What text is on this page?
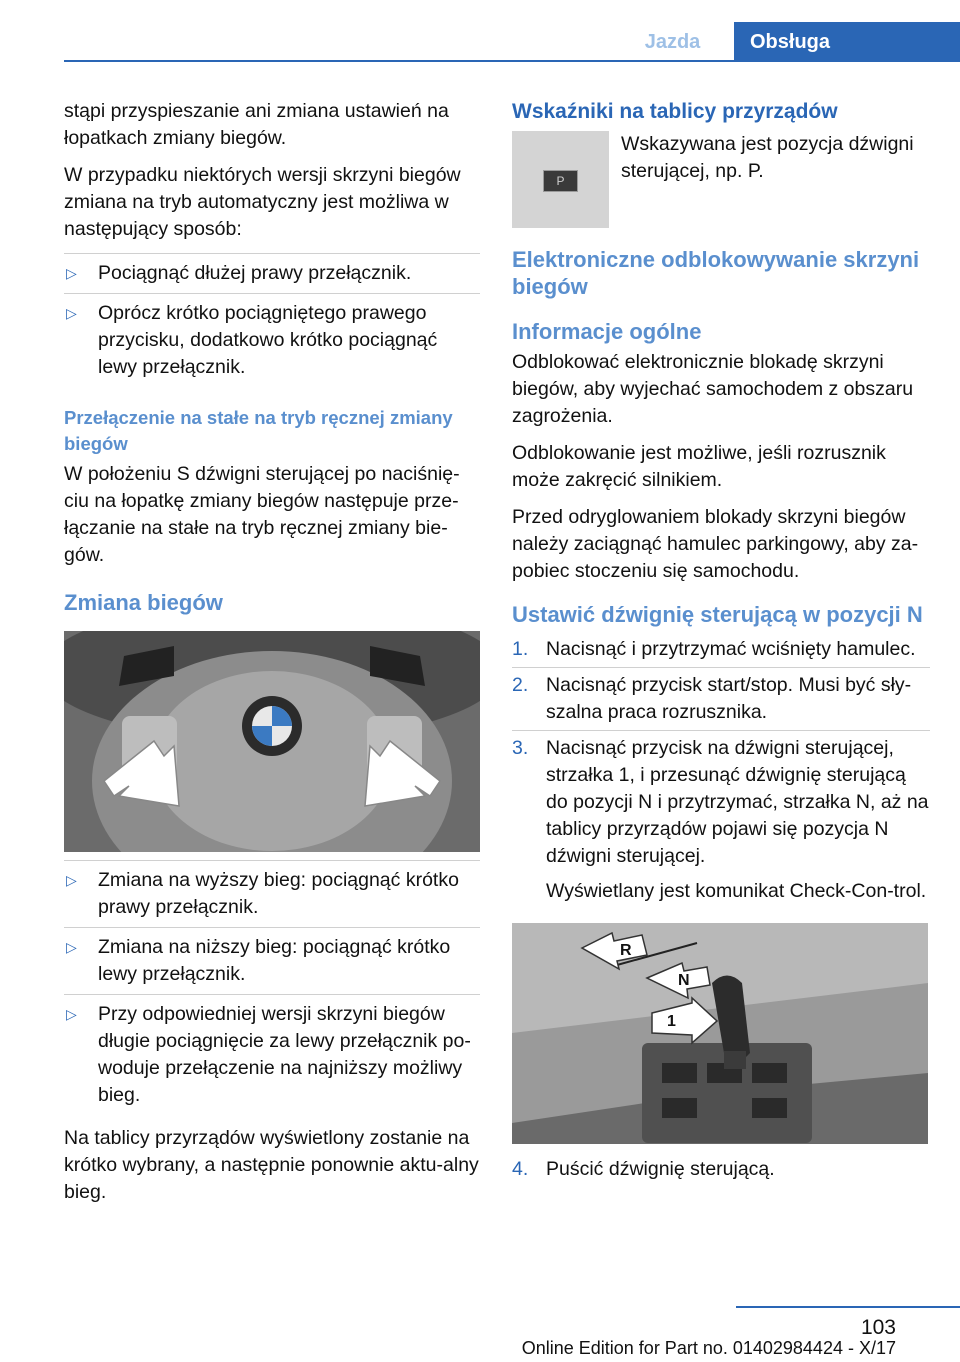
Jazda	Obsługa

stąpi przyspieszanie ani zmiana ustawień na łopatkach zmiany biegów.

W przypadku niektórych wersji skrzyni biegów zmiana na tryb automatyczny jest możliwa w następujący sposób:

▷ Pociągnąć dłużej prawy przełącznik.
▷ Oprócz krótko pociągniętego prawego przycisku, dodatkowo krótko pociągnąć lewy przełącznik.
Przełączenie na stałe na tryb ręcznej zmiany biegów

W położeniu S dźwigni sterującej po naciśnię‐ciu na łopatkę zmiany biegów następuje prze‐łączanie na stałe na tryb ręcznej zmiany bie‐gów.

Zmiana biegów
▷ Zmiana na wyższy bieg: pociągnąć krótko prawy przełącznik.
▷ Zmiana na niższy bieg: pociągnąć krótko lewy przełącznik.
▷ Przy odpowiedniej wersji skrzyni biegów długie pociągnięcie za lewy przełącznik po‐woduje przełączenie na najniższy możliwy bieg.

Na tablicy przyrządów wyświetlony zostanie na krótko wybrany, a następnie ponownie aktu‐alny bieg.

Wskaźniki na tablicy przyrządów
P
Wskazywana jest pozycja dźwigni sterującej, np. P.
Elektroniczne odblokowywanie skrzyni biegów
Informacje ogólne

Odblokować elektronicznie blokadę skrzyni biegów, aby wyjechać samochodem z obszaru zagrożenia.

Odblokowanie jest możliwe, jeśli rozrusznik może zakręcić silnikiem.

Przed odryglowaniem blokady skrzyni biegów należy zaciągnąć hamulec parkingowy, aby za‐pobiec stoczeniu się samochodu.

Ustawić dźwignię sterującą w pozycji N
1. Nacisnąć i przytrzymać wciśnięty hamulec.
2. Nacisnąć przycisk start/stop. Musi być sły‐szalna praca rozrusznika.
3. Nacisnąć przycisk na dźwigni sterującej, strzałka 1, i przesunąć dźwignię sterującą do pozycji N i przytrzymać, strzałka N, aż na tablicy przyrządów pojawi się pozycja N dźwigni sterującej.
Wyświetlany jest komunikat Check-Con‐trol.
R
N
1
4. Puścić dźwignię sterującą.
103
Online Edition for Part no. 01402984424 - X/17
